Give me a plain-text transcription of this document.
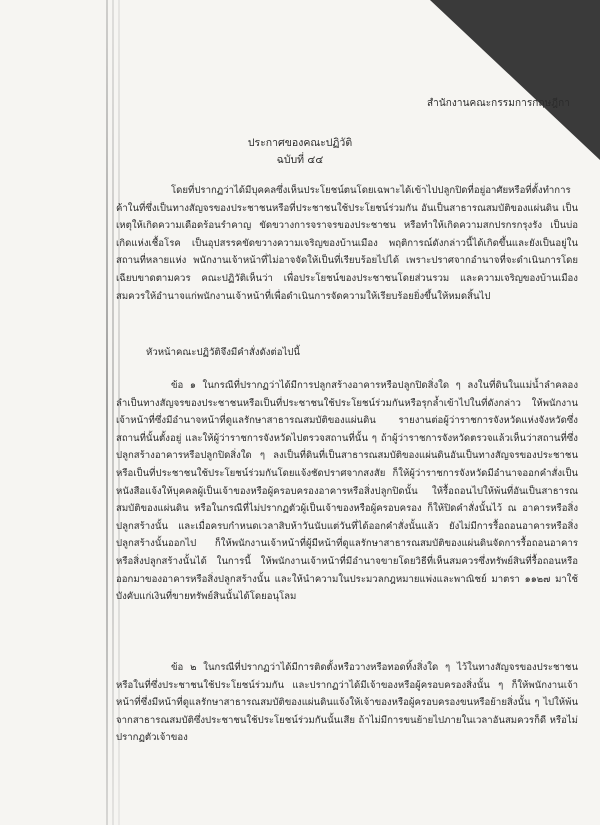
สำนักงานคณะกรรมการกฤษฎีกา
ประกาศของคณะปฏิวัติ
ฉบับที่ ๔๔
โดยที่ปรากฏว่าได้มีบุคคลซึ่งเห็นประโยชน์ตนโดยเฉพาะได้เข้าไปปลูกปิดที่อยู่อาศัยหรือที่ตั้งทำการค้าในที่ซึ่งเป็นทางสัญจรของประชาชนหรือที่ประชาชนใช้ประโยชน์ร่วมกัน อันเป็นสาธารณสมบัติของแผ่นดิน เป็นเหตุให้เกิดความเดือดร้อนรำคาญ ขัดขวางการจราจรของประชาชน หรือทำให้เกิดความสกปรกรกรุงรัง เป็นบ่อเกิดแห่งเชื้อโรค เป็นอุปสรรคขัดขวางความเจริญของบ้านเมือง พฤติการณ์ดังกล่าวนี้ได้เกิดขึ้นและยังเป็นอยู่ในสถานที่หลายแห่ง พนักงานเจ้าหน้าที่ไม่อาจจัดให้เป็นที่เรียบร้อยไปได้ เพราะปราศจากอำนาจที่จะดำเนินการโดยเฉียบขาดตามควร คณะปฏิวัติเห็นว่า เพื่อประโยชน์ของประชาชนโดยส่วนรวม และความเจริญของบ้านเมือง สมควรให้อำนาจแก่พนักงานเจ้าหน้าที่เพื่อดำเนินการจัดความให้เรียบร้อยยิ่งขึ้นให้หมดสิ้นไป
หัวหน้าคณะปฏิวัติจึงมีคำสั่งดังต่อไปนี้
ข้อ ๑ ในกรณีที่ปรากฏว่าได้มีการปลูกสร้างอาคารหรือปลูกปิดสิ่งใด ๆ ลงในที่ดินในแม่น้ำลำคลอง ลำเป็นทางสัญจรของประชาชนหรือเป็นที่ประชาชนใช้ประโยชน์ร่วมกันหรือรุกล้ำเข้าไปในที่ดังกล่าว ให้พนักงานเจ้าหน้าที่ซึ่งมีอำนาจหน้าที่ดูแลรักษาสาธารณสมบัติของแผ่นดิน รายงานต่อผู้ว่าราชการจังหวัดแห่งจังหวัดซึ่งสถานที่นั้นตั้งอยู่ และให้ผู้ว่าราชการจังหวัดไปตรวจสถานที่นั้น ๆ ถ้าผู้ว่าราชการจังหวัดตรวจแล้วเห็นว่าสถานที่ซึ่งปลูกสร้างอาคารหรือปลูกปิดสิ่งใด ๆ ลงเป็นที่ดินที่เป็นสาธารณสมบัติของแผ่นดินอันเป็นทางสัญจรของประชาชนหรือเป็นที่ประชาชนใช้ประโยชน์ร่วมกันโดยแจ้งชัดปราศจากสงสัย ก็ให้ผู้ว่าราชการจังหวัดมีอำนาจออกคำสั่งเป็นหนังสือแจ้งให้บุคคลผู้เป็นเจ้าของหรือผู้ครอบครองอาคารหรือสิ่งปลูกปิดนั้น ให้รื้อถอนไปให้พ้นที่อันเป็นสาธารณสมบัติของแผ่นดิน หรือในกรณีที่ไม่ปรากฏตัวผู้เป็นเจ้าของหรือผู้ครอบครอง ก็ให้ปิดคำสั่งนั้นไว้ ณ อาคารหรือสิ่งปลูกสร้างนั้น และเมื่อครบกำหนดเวลาสิบห้าวันนับแต่วันที่ได้ออกคำสั่งนั้นแล้ว ยังไม่มีการรื้อถอนอาคารหรือสิ่งปลูกสร้างนั้นออกไป ก็ให้พนักงานเจ้าหน้าที่ผู้มีหน้าที่ดูแลรักษาสาธารณสมบัติของแผ่นดินจัดการรื้อถอนอาคารหรือสิ่งปลูกสร้างนั้นได้ ในการนี้ ให้พนักงานเจ้าหน้าที่มีอำนาจขายโดยวิธีที่เห็นสมควรซึ่งทรัพย์สินที่รื้อถอนหรือออกมาของอาคารหรือสิ่งปลูกสร้างนั้น และให้นำความในประมวลกฎหมายแพ่งและพาณิชย์ มาตรา ๑๑๒๗ มาใช้บังคับแก่เงินที่ขายทรัพย์สินนั้นได้โดยอนุโลม
ข้อ ๒ ในกรณีที่ปรากฏว่าได้มีการติดตั้งหรือวางหรือทอดทิ้งสิ่งใด ๆ ไว้ในทางสัญจรของประชาชนหรือในที่ซึ่งประชาชนใช้ประโยชน์ร่วมกัน และปรากฏว่าได้มีเจ้าของหรือผู้ครอบครองสิ่งนั้น ๆ ก็ให้พนักงานเจ้าหน้าที่ซึ่งมีหน้าที่ดูแลรักษาสาธารณสมบัติของแผ่นดินแจ้งให้เจ้าของหรือผู้ครอบครองขนหรือย้ายสิ่งนั้น ๆ ไปให้พ้นจากสาธารณสมบัติซึ่งประชาชนใช้ประโยชน์ร่วมกันนั้นเสีย ถ้าไม่มีการขนย้ายไปภายในเวลาอันสมควรก็ดี หรือไม่ปรากฏตัวเจ้าของ
